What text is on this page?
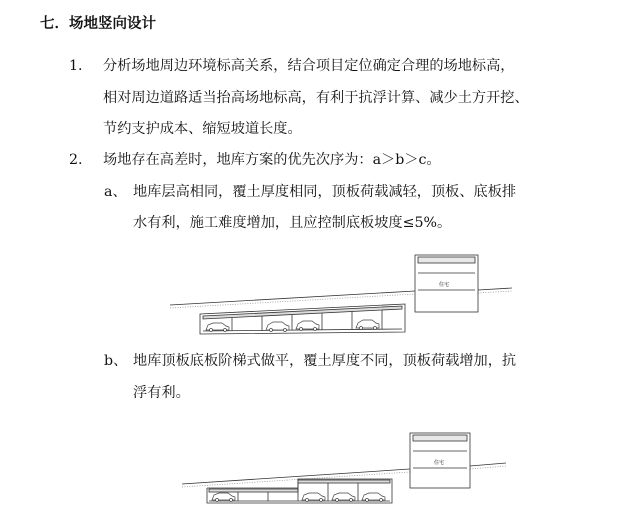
七．场地竖向设计
1. 分析场地周边环境标高关系，结合项目定位确定合理的场地标高，
相对周边道路适当抬高场地标高，有利于抗浮计算、减少土方开挖、
节约支护成本、缩短坡道长度。
2. 场地存在高差时，地库方案的优先次序为：a＞b＞c。
a、 地库层高相同，覆土厚度相同，顶板荷载减轻，顶板、底板排
水有利，施工难度增加，且应控制底板坡度≤5%。
b、 地库顶板底板阶梯式做平，覆土厚度不同，顶板荷载增加，抗
浮有利。
住宅
住宅
